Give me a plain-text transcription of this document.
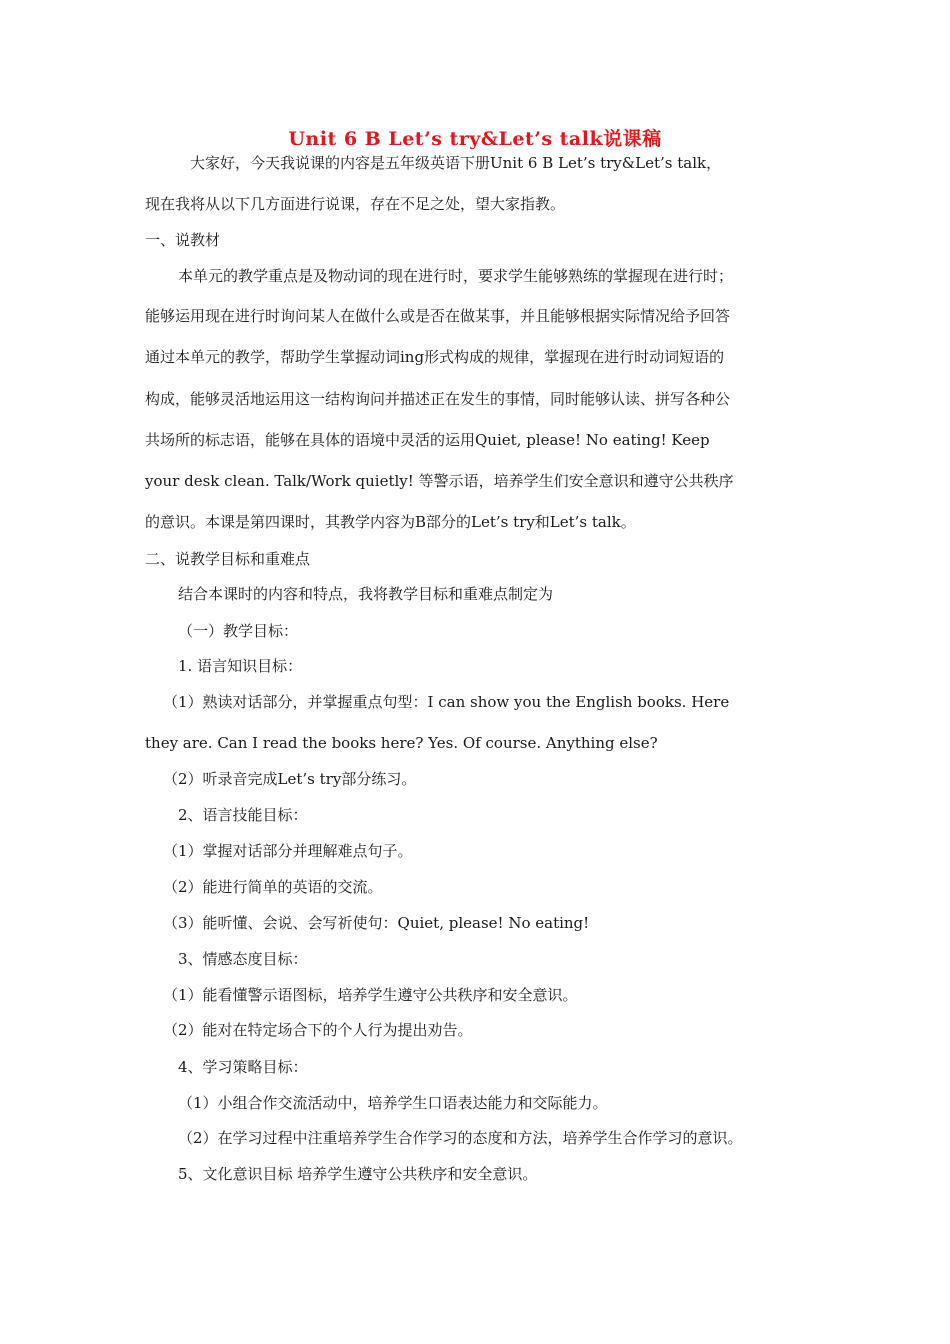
Unit 6 B Let’s try&Let’s talk说课稿
大家好，今天我说课的内容是五年级英语下册Unit 6 B Let’s try&Let’s talk，
现在我将从以下几方面进行说课，存在不足之处，望大家指教。
一、说教材
本单元的教学重点是及物动词的现在进行时，要求学生能够熟练的掌握现在进行时；
能够运用现在进行时询问某人在做什么或是否在做某事，并且能够根据实际情况给予回答
通过本单元的教学，帮助学生掌握动词ing形式构成的规律，掌握现在进行时动词短语的
构成，能够灵活地运用这一结构询问并描述正在发生的事情，同时能够认读、拼写各种公
共场所的标志语，能够在具体的语境中灵活的运用Quiet, please! No eating! Keep
your desk clean. Talk/Work quietly! 等警示语，培养学生们安全意识和遵守公共秩序
的意识。本课是第四课时，其教学内容为B部分的Let’s try和Let’s talk。
二、说教学目标和重难点
结合本课时的内容和特点，我将教学目标和重难点制定为
（一）教学目标：
1. 语言知识目标：
（1）熟读对话部分，并掌握重点句型：I can show you the English books. Here
they are. Can I read the books here? Yes. Of course. Anything else?
（2）听录音完成Let’s try部分练习。
2、语言技能目标：
（1）掌握对话部分并理解难点句子。
（2）能进行简单的英语的交流。
（3）能听懂、会说、会写祈使句：Quiet, please! No eating!
3、情感态度目标：
（1）能看懂警示语图标，培养学生遵守公共秩序和安全意识。
（2）能对在特定场合下的个人行为提出劝告。
4、学习策略目标：
（1）小组合作交流活动中，培养学生口语表达能力和交际能力。
（2）在学习过程中注重培养学生合作学习的态度和方法，培养学生合作学习的意识。
5、文化意识目标 培养学生遵守公共秩序和安全意识。
